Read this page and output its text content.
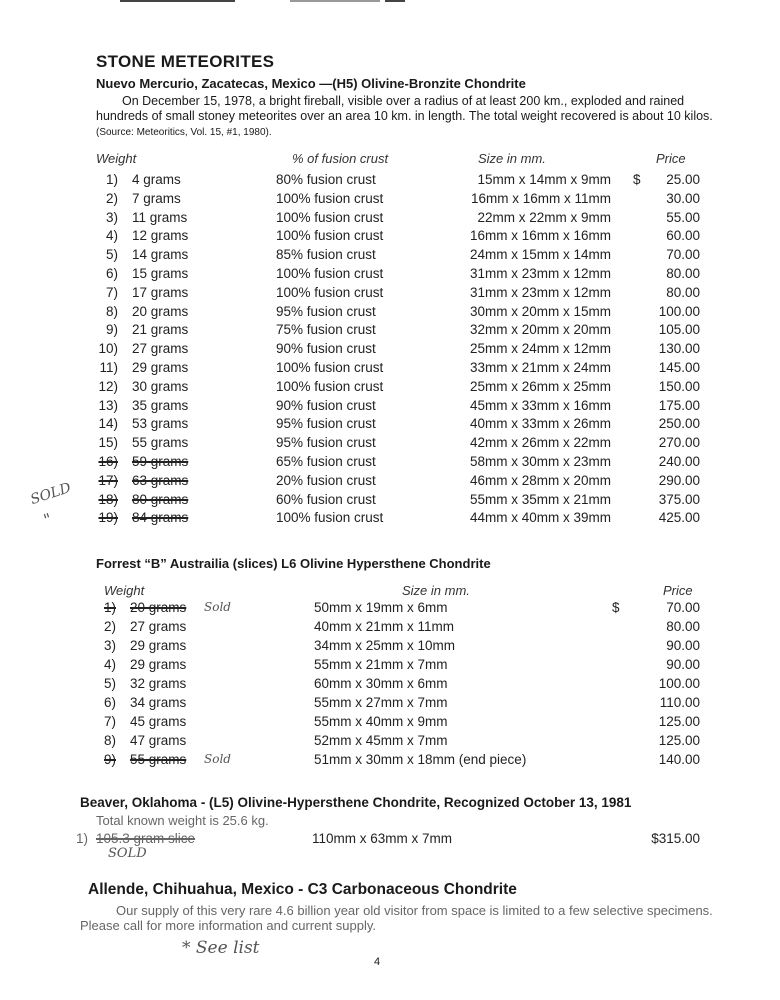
STONE METEORITES
Nuevo Mercurio, Zacatecas, Mexico —(H5) Olivine-Bronzite Chondrite
On December 15, 1978, a bright fireball, visible over a radius of at least 200 km., exploded and rained hundreds of small stoney meteorites over an area 10 km. in length. The total weight recovered is about 10 kilos. (Source: Meteoritics, Vol. 15, #1, 1980).
Weight	% of fusion crust	Size in mm.	Price
1) 4 grams	80% fusion crust	15mm x 14mm x 9mm $ 25.00
2) 7 grams	100% fusion crust	16mm x 16mm x 11mm	30.00
3) 11 grams	100% fusion crust	22mm x 22mm x 9mm	55.00
4) 12 grams	100% fusion crust	16mm x 16mm x 16mm	60.00
5) 14 grams	85% fusion crust	24mm x 15mm x 14mm	70.00
6) 15 grams	100% fusion crust	31mm x 23mm x 12mm	80.00
7) 17 grams	100% fusion crust	31mm x 23mm x 12mm	80.00
8) 20 grams	95% fusion crust	30mm x 20mm x 15mm	100.00
9) 21 grams	75% fusion crust	32mm x 20mm x 20mm	105.00
10) 27 grams	90% fusion crust	25mm x 24mm x 12mm	130.00
11) 29 grams	100% fusion crust	33mm x 21mm x 24mm	145.00
12) 30 grams	100% fusion crust	25mm x 26mm x 25mm	150.00
13) 35 grams	90% fusion crust	45mm x 33mm x 16mm	175.00
14) 53 grams	95% fusion crust	40mm x 33mm x 26mm	250.00
15) 55 grams	95% fusion crust	42mm x 26mm x 22mm	270.00
16) 59 grams	65% fusion crust	58mm x 30mm x 23mm	240.00
17) 63 grams	20% fusion crust	46mm x 28mm x 20mm	290.00
18) 80 grams	60% fusion crust	55mm x 35mm x 21mm	375.00
19) 84 grams	100% fusion crust	44mm x 40mm x 39mm	425.00
SOLD
"
Forrest “B” Austrailia (slices) L6 Olivine Hypersthene Chondrite
Weight	Size in mm.	Price
1) 20 grams Sold	50mm x 19mm x 6mm	$	70.00
2) 27 grams	40mm x 21mm x 11mm	80.00
3) 29 grams	34mm x 25mm x 10mm	90.00
4) 29 grams	55mm x 21mm x 7mm	90.00
5) 32 grams	60mm x 30mm x 6mm	100.00
6) 34 grams	55mm x 27mm x 7mm	110.00
7) 45 grams	55mm x 40mm x 9mm	125.00
8) 47 grams	52mm x 45mm x 7mm	125.00
9) 55 grams Sold	51mm x 30mm x 18mm (end piece)	140.00
Beaver, Oklahoma - (L5) Olivine-Hypersthene Chondrite, Recognized October 13, 1981
Total known weight is 25.6 kg.
1) 105.3 gram slice	110mm x 63mm x 7mm	$315.00
SOLD
Allende, Chihuahua, Mexico - C3 Carbonaceous Chondrite
Our supply of this very rare 4.6 billion year old visitor from space is limited to a few selective specimens. Please call for more information and current supply.
* See list
4
